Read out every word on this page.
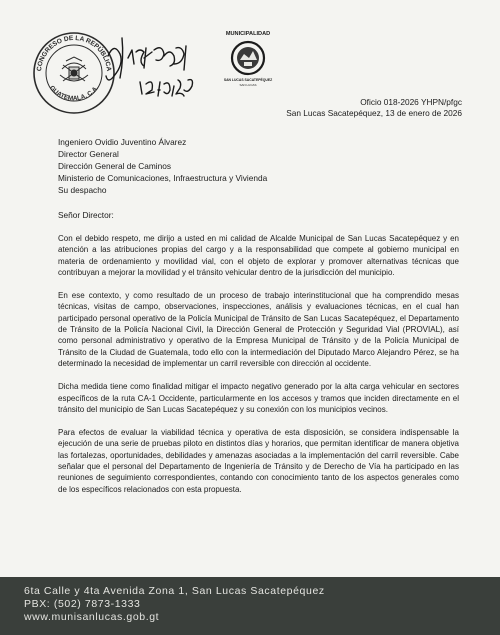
CONGRESO DE LA REPÚBLICA
GUATEMALA, C.A.
MUNICIPALIDAD
SAN LUCAS SACATEPÉQUEZ
SAN LUCAS
Oficio 018-2026 YHPN/pfgc
San Lucas Sacatepéquez, 13 de enero de 2026
Ingeniero Ovidio Juventino Álvarez
Director General
Dirección General de Caminos
Ministerio de Comunicaciones, Infraestructura y Vivienda
Su despacho
Señor Director:

Con el debido respeto, me dirijo a usted en mi calidad de Alcalde Municipal de San Lucas Sacatepéquez y en atención a las atribuciones propias del cargo y a la responsabilidad que compete al gobierno municipal en materia de ordenamiento y movilidad vial, con el objeto de explorar y promover alternativas técnicas que contribuyan a mejorar la movilidad y el tránsito vehicular dentro de la jurisdicción del municipio.

En ese contexto, y como resultado de un proceso de trabajo interinstitucional que ha comprendido mesas técnicas, visitas de campo, observaciones, inspecciones, análisis y evaluaciones técnicas, en el cual han participado personal operativo de la Policía Municipal de Tránsito de San Lucas Sacatepéquez, el Departamento de Tránsito de la Policía Nacional Civil, la Dirección General de Protección y Seguridad Vial (PROVIAL), así como personal administrativo y operativo de la Empresa Municipal de Tránsito y de la Policía Municipal de Tránsito de la Ciudad de Guatemala, todo ello con la intermediación del Diputado Marco Alejandro Pérez, se ha determinado la necesidad de implementar un carril reversible con dirección al occidente.

Dicha medida tiene como finalidad mitigar el impacto negativo generado por la alta carga vehicular en sectores específicos de la ruta CA-1 Occidente, particularmente en los accesos y tramos que inciden directamente en el tránsito del municipio de San Lucas Sacatepéquez y su conexión con los municipios vecinos.

Para efectos de evaluar la viabilidad técnica y operativa de esta disposición, se considera indispensable la ejecución de una serie de pruebas piloto en distintos días y horarios, que permitan identificar de manera objetiva las fortalezas, oportunidades, debilidades y amenazas asociadas a la implementación del carril reversible. Cabe señalar que el personal del Departamento de Ingeniería de Tránsito y de Derecho de Vía ha participado en las reuniones de seguimiento correspondientes, contando con conocimiento tanto de los aspectos generales como de los específicos relacionados con esta propuesta.

6ta Calle y 4ta Avenida Zona 1, San Lucas Sacatepéquez
PBX: (502) 7873-1333
www.munisanlucas.gob.gt
